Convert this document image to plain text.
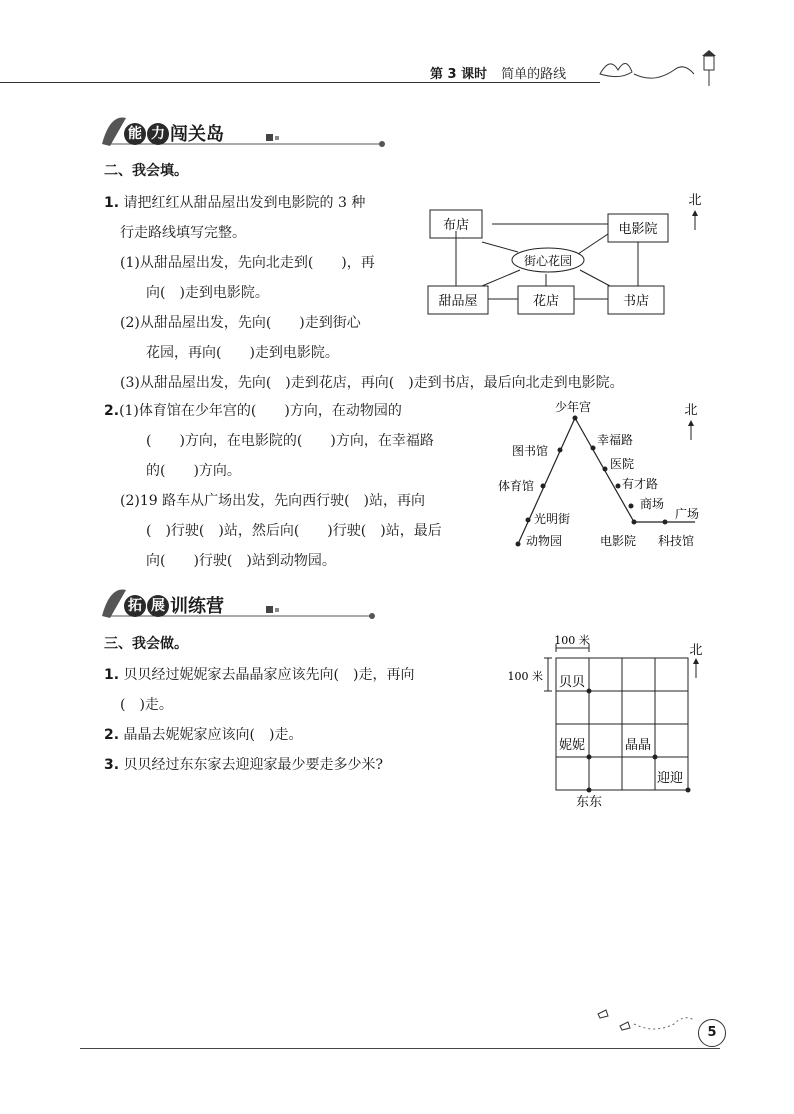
第 3 课时 简单的路线
能 力 闯关岛
二、我会填。
1. 请把红红从甜品屋出发到电影院的 3 种
行走路线填写完整。
(1)从甜品屋出发，先向北走到(　　)，再
向(　)走到电影院。
(2)从甜品屋出发，先向(　　)走到街心
花园，再向(　　)走到电影院。
(3)从甜品屋出发，先向(　)走到花店，再向(　)走到书店，最后向北走到电影院。
布店	电影院
街心花园
甜品屋	花店	书店
北
2.(1)体育馆在少年宫的(　　)方向，在动物园的
(　　)方向，在电影院的(　　)方向，在幸福路
的(　　)方向。
(2)19 路车从广场出发，先向西行驶(　)站，再向
(　)行驶(　)站，然后向(　　)行驶(　)站，最后
向(　　)行驶(　)站到动物园。
少年宫
图书馆
幸福路
医院
体育馆	有才路
商场
广场
光明街
动物园	电影院 科技馆
北
拓 展 训练营
三、我会做。
1. 贝贝经过妮妮家去晶晶家应该先向(　)走，再向
(　)走。
2. 晶晶去妮妮家应该向(　)走。
3. 贝贝经过东东家去迎迎家最少要走多少米?
100 米
100 米 贝贝
妮妮	晶晶
迎迎
东东
北
5
